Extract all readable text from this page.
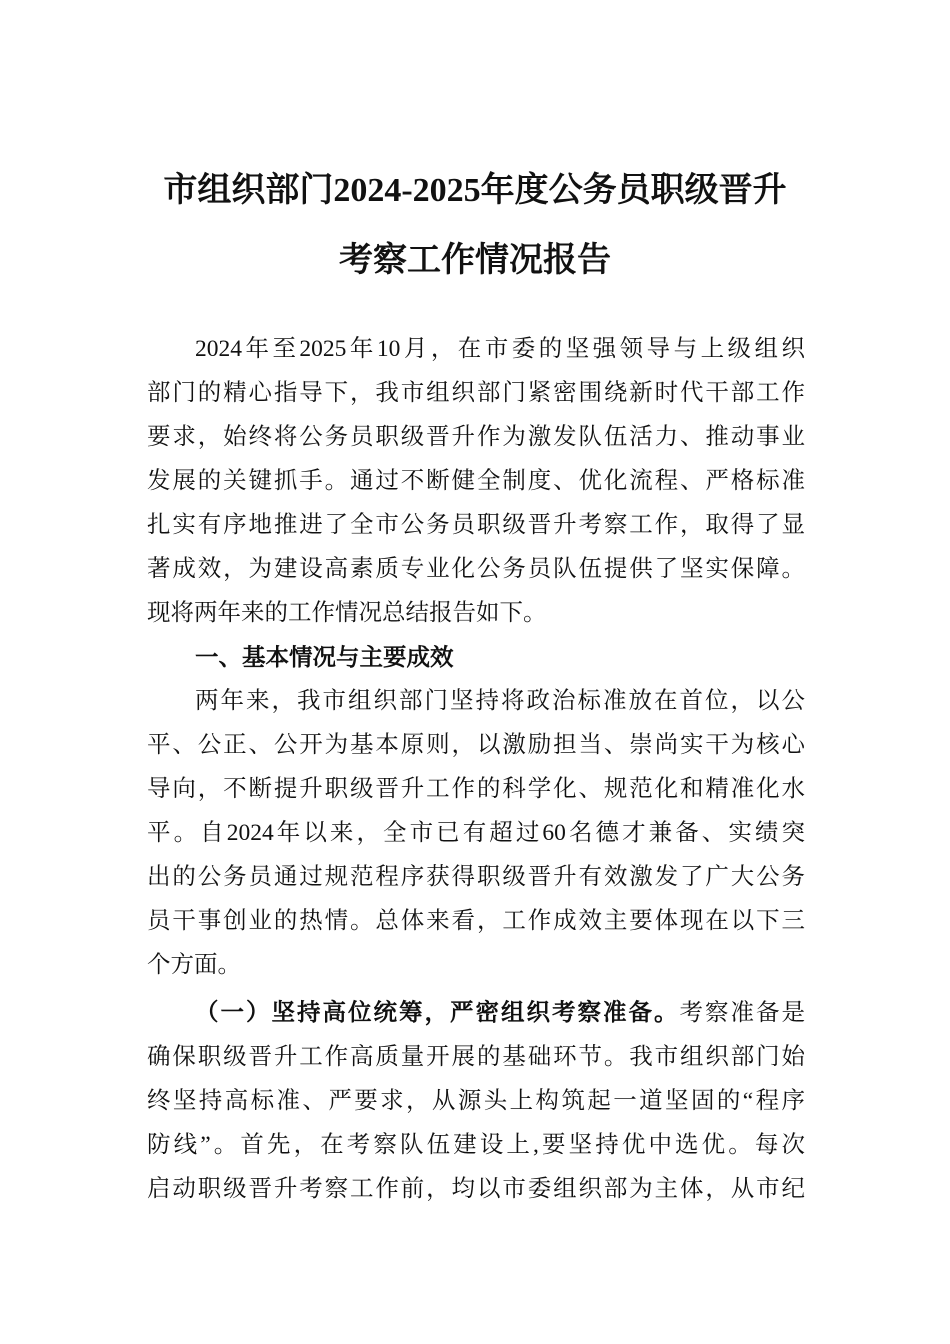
市组织部门2024-2025年度公务员职级晋升
考察工作情况报告
2024年至2025年10月，在市委的坚强领导与上级组织
部门的精心指导下，我市组织部门紧密围绕新时代干部工作
要求，始终将公务员职级晋升作为激发队伍活力、推动事业
发展的关键抓手。通过不断健全制度、优化流程、严格标准
扎实有序地推进了全市公务员职级晋升考察工作，取得了显
著成效，为建设高素质专业化公务员队伍提供了坚实保障。
现将两年来的工作情况总结报告如下。
一、基本情况与主要成效
两年来，我市组织部门坚持将政治标准放在首位，以公
平、公正、公开为基本原则，以激励担当、崇尚实干为核心
导向，不断提升职级晋升工作的科学化、规范化和精准化水
平。自2024年以来，全市已有超过60名德才兼备、实绩突
出的公务员通过规范程序获得职级晋升有效激发了广大公务
员干事创业的热情。总体来看，工作成效主要体现在以下三
个方面。
（一）坚持高位统筹，严密组织考察准备。考察准备是
确保职级晋升工作高质量开展的基础环节。我市组织部门始
终坚持高标准、严要求，从源头上构筑起一道坚固的“程序
防线”。首先，在考察队伍建设上,要坚持优中选优。每次
启动职级晋升考察工作前，均以市委组织部为主体，从市纪
